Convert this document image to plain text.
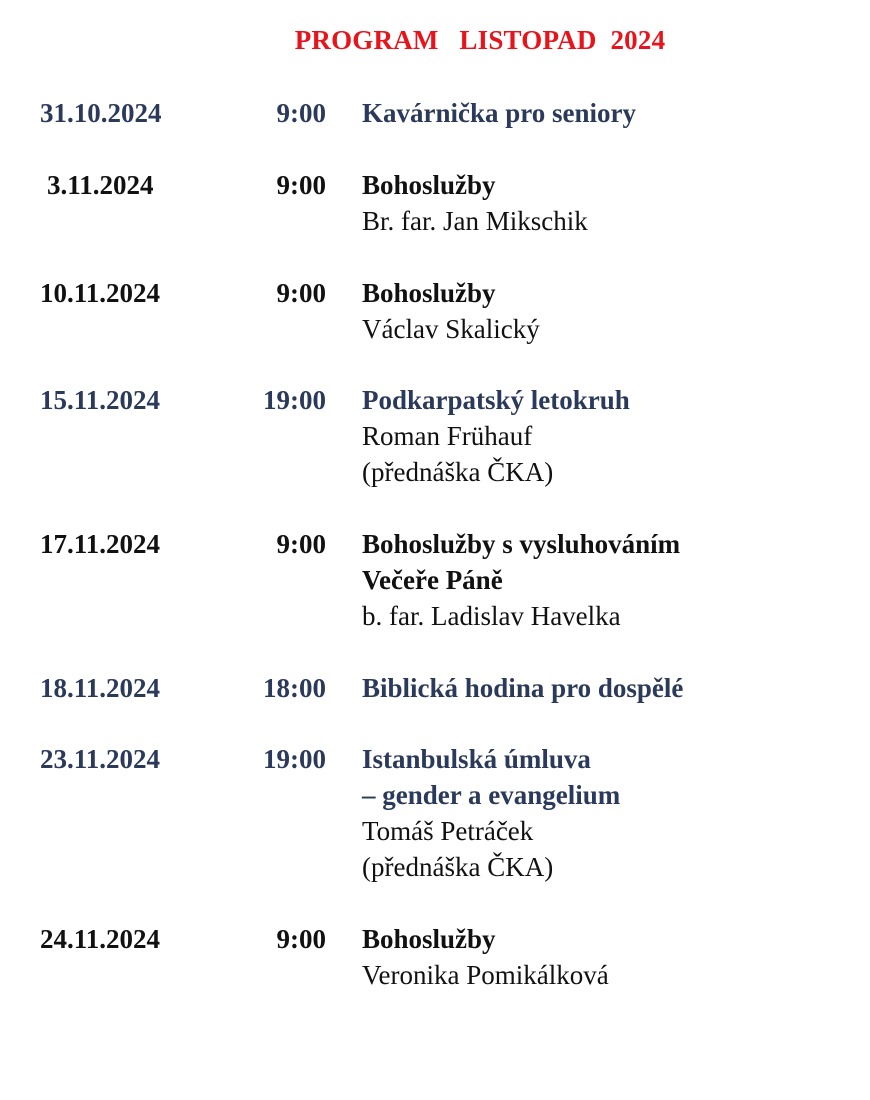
PROGRAM   LISTOPAD  2024
31.10.2024	9:00 Kavárnička pro seniory
3.11.2024	9:00 Bohoslužby
Br. far. Jan Mikschik
10.11.2024	9:00 Bohoslužby
Václav Skalický
15.11.2024	19:00 Podkarpatský letokruh
Roman Frühauf
(přednáška ČKA)
17.11.2024	9:00 Bohoslužby s vysluhováním
Večeře Páně
b. far. Ladislav Havelka
18.11.2024	18:00 Biblická hodina pro dospělé
23.11.2024	19:00 Istanbulská úmluva
– gender a evangelium
Tomáš Petráček
(přednáška ČKA)
24.11.2024	9:00 Bohoslužby
Veronika Pomikálková
